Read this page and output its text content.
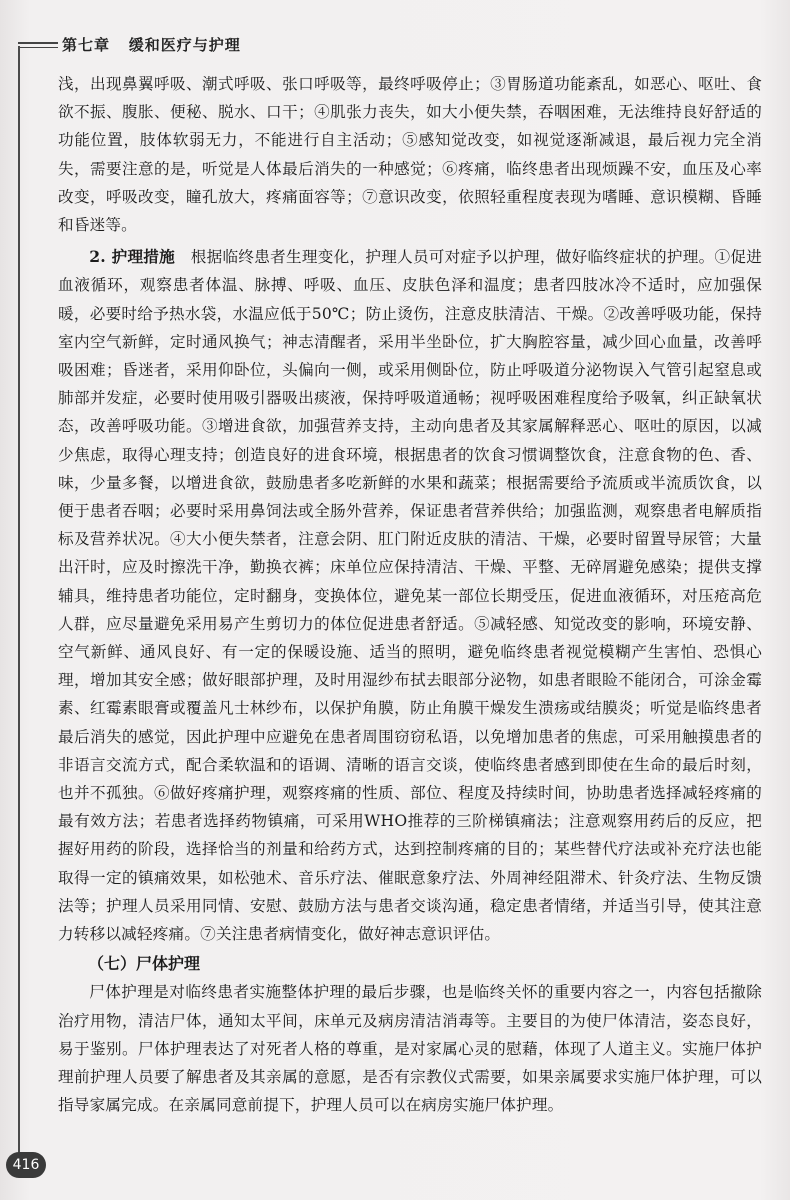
第七章 缓和医疗与护理

浅，出现鼻翼呼吸、潮式呼吸、张口呼吸等，最终呼吸停止；③胃肠道功能紊乱，如恶心、呕吐、食欲不振、腹胀、便秘、脱水、口干；④肌张力丧失，如大小便失禁，吞咽困难，无法维持良好舒适的功能位置，肢体软弱无力，不能进行自主活动；⑤感知觉改变，如视觉逐渐减退，最后视力完全消失，需要注意的是，听觉是人体最后消失的一种感觉；⑥疼痛，临终患者出现烦躁不安，血压及心率改变，呼吸改变，瞳孔放大，疼痛面容等；⑦意识改变，依照轻重程度表现为嗜睡、意识模糊、昏睡和昏迷等。

2. 护理措施 根据临终患者生理变化，护理人员可对症予以护理，做好临终症状的护理。①促进血液循环，观察患者体温、脉搏、呼吸、血压、皮肤色泽和温度；患者四肢冰冷不适时，应加强保暖，必要时给予热水袋，水温应低于50℃；防止烫伤，注意皮肤清洁、干燥。②改善呼吸功能，保持室内空气新鲜，定时通风换气；神志清醒者，采用半坐卧位，扩大胸腔容量，减少回心血量，改善呼吸困难；昏迷者，采用仰卧位，头偏向一侧，或采用侧卧位，防止呼吸道分泌物误入气管引起窒息或肺部并发症，必要时使用吸引器吸出痰液，保持呼吸道通畅；视呼吸困难程度给予吸氧，纠正缺氧状态，改善呼吸功能。③增进食欲，加强营养支持，主动向患者及其家属解释恶心、呕吐的原因，以减少焦虑，取得心理支持；创造良好的进食环境，根据患者的饮食习惯调整饮食，注意食物的色、香、味，少量多餐，以增进食欲，鼓励患者多吃新鲜的水果和蔬菜；根据需要给予流质或半流质饮食，以便于患者吞咽；必要时采用鼻饲法或全肠外营养，保证患者营养供给；加强监测，观察患者电解质指标及营养状况。④大小便失禁者，注意会阴、肛门附近皮肤的清洁、干燥，必要时留置导尿管；大量出汗时，应及时擦洗干净，勤换衣裤；床单位应保持清洁、干燥、平整、无碎屑避免感染；提供支撑辅具，维持患者功能位，定时翻身，变换体位，避免某一部位长期受压，促进血液循环，对压疮高危人群，应尽量避免采用易产生剪切力的体位促进患者舒适。⑤减轻感、知觉改变的影响，环境安静、空气新鲜、通风良好、有一定的保暖设施、适当的照明，避免临终患者视觉模糊产生害怕、恐惧心理，增加其安全感；做好眼部护理，及时用湿纱布拭去眼部分泌物，如患者眼睑不能闭合，可涂金霉素、红霉素眼膏或覆盖凡士林纱布，以保护角膜，防止角膜干燥发生溃疡或结膜炎；听觉是临终患者最后消失的感觉，因此护理中应避免在患者周围窃窃私语，以免增加患者的焦虑，可采用触摸患者的非语言交流方式，配合柔软温和的语调、清晰的语言交谈，使临终患者感到即使在生命的最后时刻，也并不孤独。⑥做好疼痛护理，观察疼痛的性质、部位、程度及持续时间，协助患者选择减轻疼痛的最有效方法；若患者选择药物镇痛，可采用WHO推荐的三阶梯镇痛法；注意观察用药后的反应，把握好用药的阶段，选择恰当的剂量和给药方式，达到控制疼痛的目的；某些替代疗法或补充疗法也能取得一定的镇痛效果，如松弛术、音乐疗法、催眠意象疗法、外周神经阻滞术、针灸疗法、生物反馈法等；护理人员采用同情、安慰、鼓励方法与患者交谈沟通，稳定患者情绪，并适当引导，使其注意力转移以减轻疼痛。⑦关注患者病情变化，做好神志意识评估。

（七）尸体护理

尸体护理是对临终患者实施整体护理的最后步骤，也是临终关怀的重要内容之一，内容包括撤除治疗用物，清洁尸体，通知太平间，床单元及病房清洁消毒等。主要目的为使尸体清洁，姿态良好，易于鉴别。尸体护理表达了对死者人格的尊重，是对家属心灵的慰藉，体现了人道主义。实施尸体护理前护理人员要了解患者及其亲属的意愿，是否有宗教仪式需要，如果亲属要求实施尸体护理，可以指导家属完成。在亲属同意前提下，护理人员可以在病房实施尸体护理。

416
